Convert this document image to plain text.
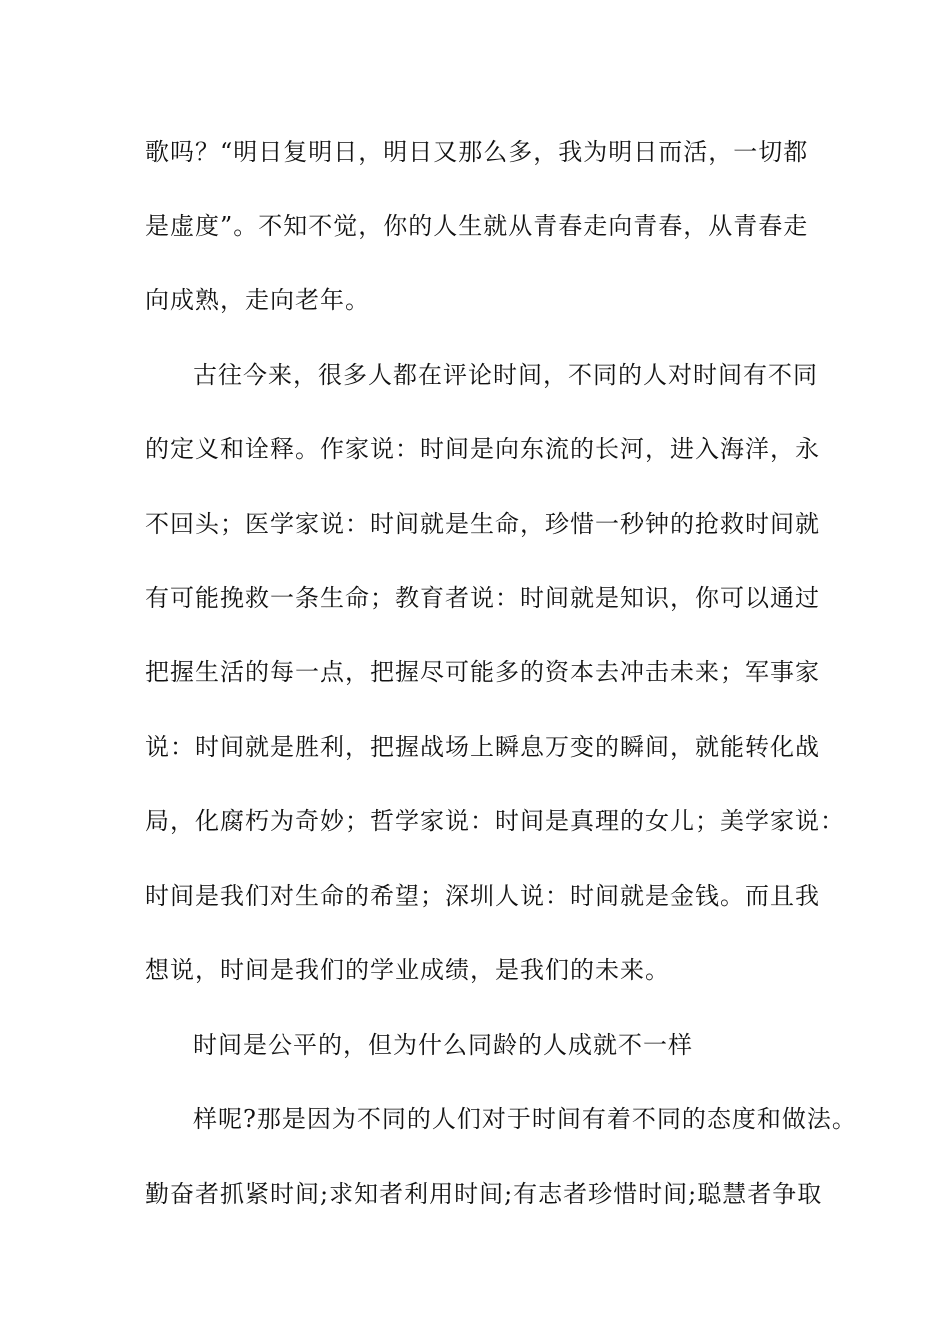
歌吗？“明日复明日，明日又那么多，我为明日而活，一切都
是虚度”。不知不觉，你的人生就从青春走向青春，从青春走
向成熟，走向老年。
古往今来，很多人都在评论时间，不同的人对时间有不同
的定义和诠释。作家说：时间是向东流的长河，进入海洋，永
不回头；医学家说：时间就是生命，珍惜一秒钟的抢救时间就
有可能挽救一条生命；教育者说：时间就是知识，你可以通过
把握生活的每一点，把握尽可能多的资本去冲击未来；军事家
说：时间就是胜利，把握战场上瞬息万变的瞬间，就能转化战
局，化腐朽为奇妙；哲学家说：时间是真理的女儿；美学家说：
时间是我们对生命的希望；深圳人说：时间就是金钱。而且我
想说，时间是我们的学业成绩，是我们的未来。
时间是公平的，但为什么同龄的人成就不一样
样呢?那是因为不同的人们对于时间有着不同的态度和做法。
勤奋者抓紧时间;求知者利用时间;有志者珍惜时间;聪慧者争取
